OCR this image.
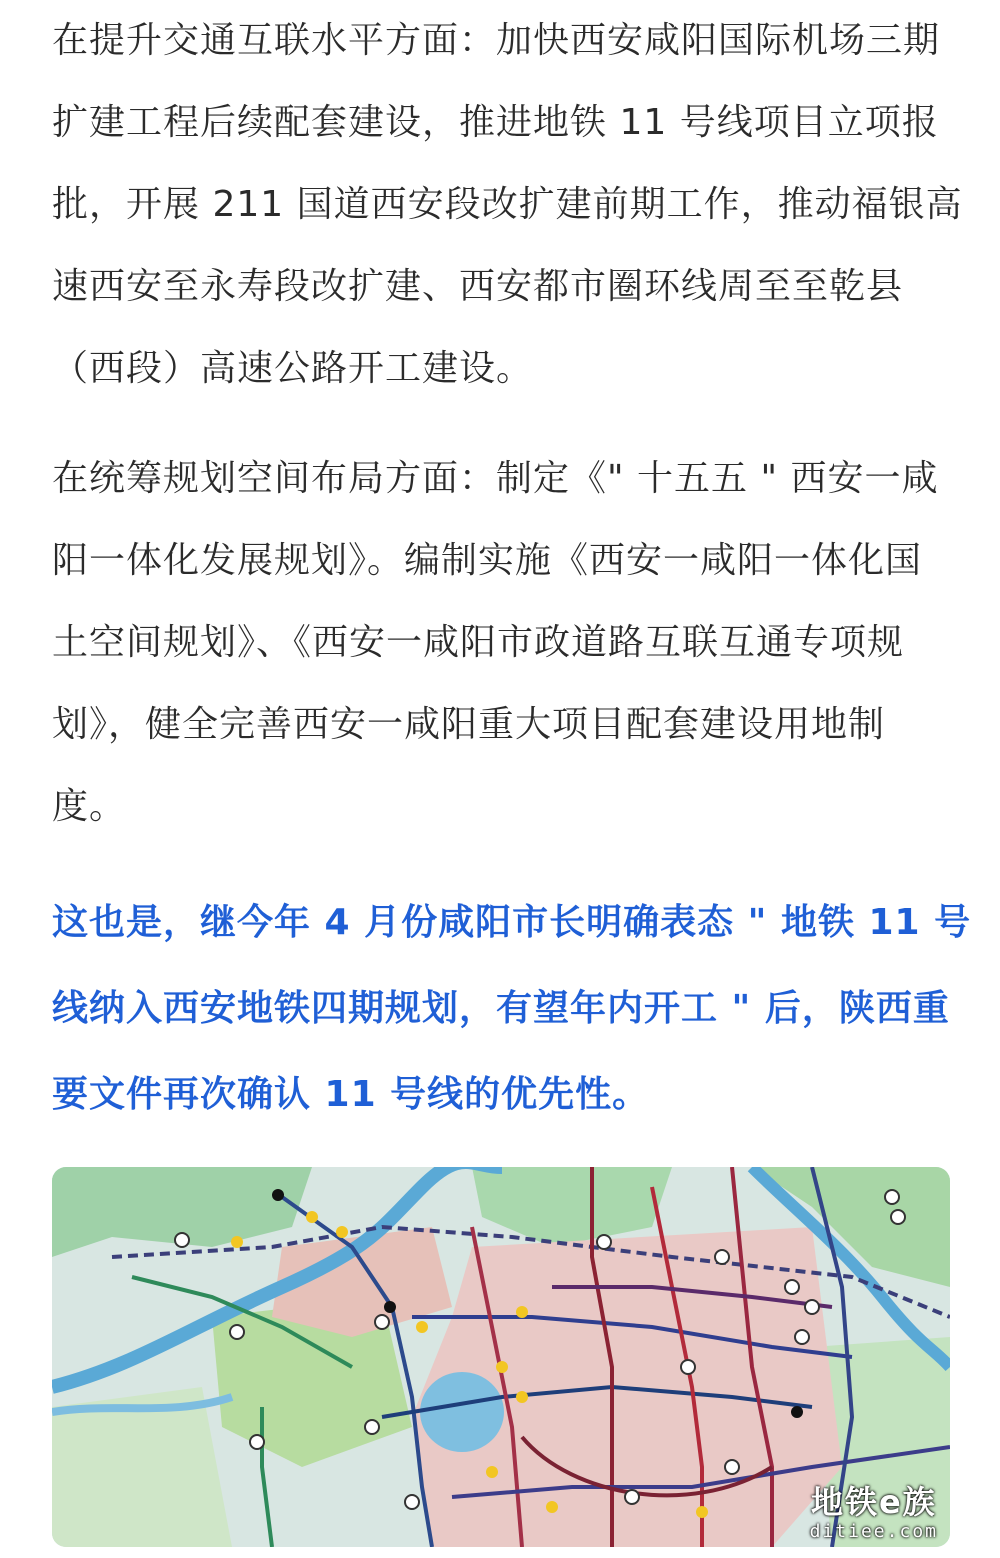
在提升交通互联水平方面：加快西安咸阳国际机场三期
扩建工程后续配套建设，推进地铁 11 号线项目立项报
批，开展 211 国道西安段改扩建前期工作，推动福银高
速西安至永寿段改扩建、西安都市圈环线周至至乾县
（西段）高速公路开工建设。

在统筹规划空间布局方面：制定《" 十五五 " 西安一咸
阳一体化发展规划》。编制实施《西安一咸阳一体化国
土空间规划》、《西安一咸阳市政道路互联互通专项规
划》，健全完善西安一咸阳重大项目配套建设用地制
度。

这也是，继今年 4 月份咸阳市长明确表态 " 地铁 11 号
线纳入西安地铁四期规划，有望年内开工 " 后，陕西重
要文件再次确认 11 号线的优先性。

地铁e族
ditiee.com
